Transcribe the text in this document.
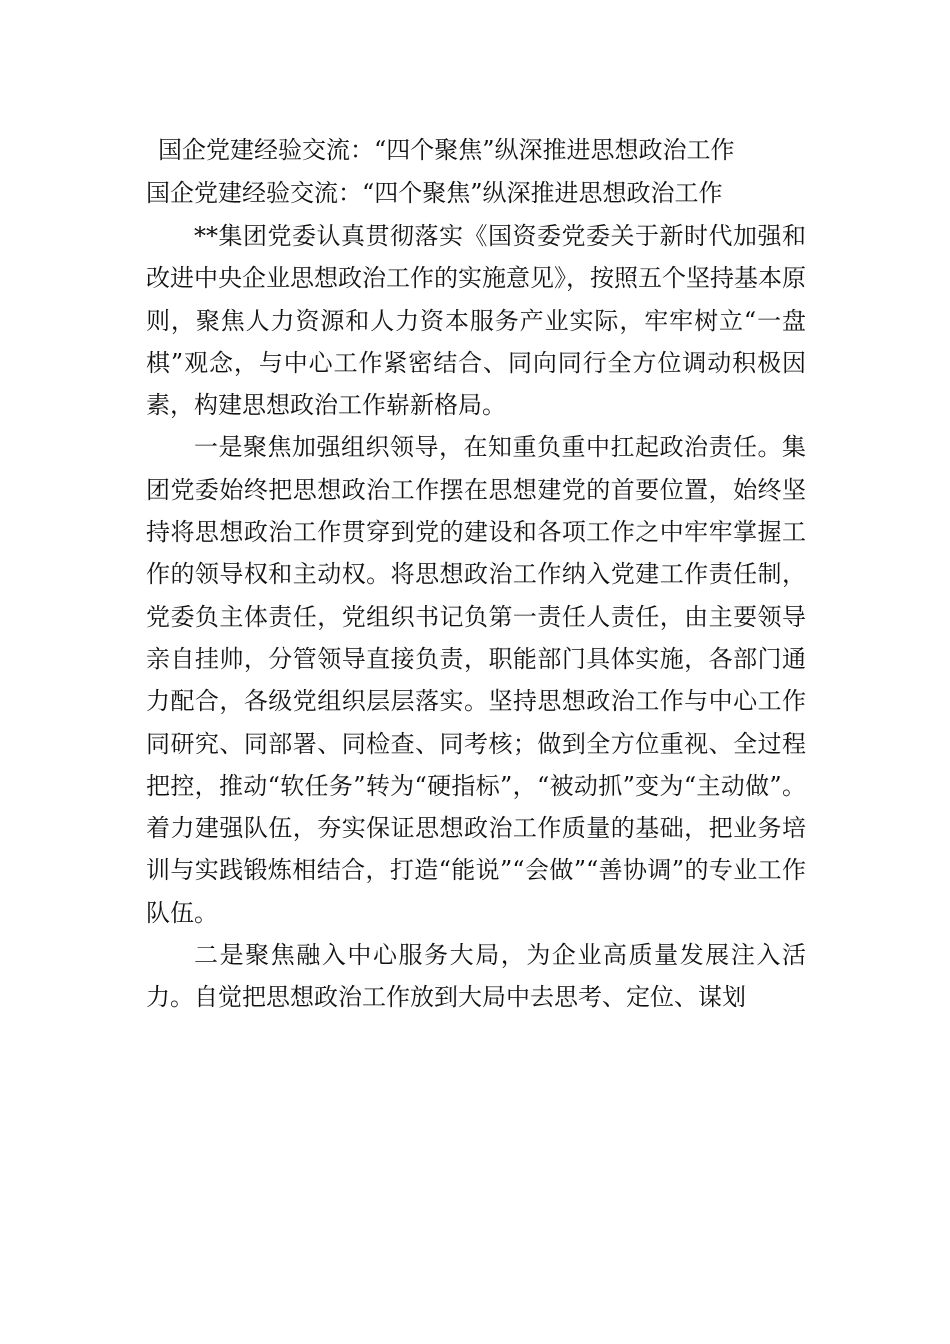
国企党建经验交流：“四个聚焦”纵深推进思想政治工作
国企党建经验交流：“四个聚焦”纵深推进思想政治工作

**集团党委认真贯彻落实《国资委党委关于新时代加强和改进中央企业思想政治工作的实施意见》，按照五个坚持基本原则，聚焦人力资源和人力资本服务产业实际，牢牢树立“一盘棋”观念，与中心工作紧密结合、同向同行全方位调动积极因素，构建思想政治工作崭新格局。

一是聚焦加强组织领导，在知重负重中扛起政治责任。集团党委始终把思想政治工作摆在思想建党的首要位置，始终坚持将思想政治工作贯穿到党的建设和各项工作之中牢牢掌握工作的领导权和主动权。将思想政治工作纳入党建工作责任制，党委负主体责任，党组织书记负第一责任人责任，由主要领导亲自挂帅，分管领导直接负责，职能部门具体实施，各部门通力配合，各级党组织层层落实。坚持思想政治工作与中心工作同研究、同部署、同检查、同考核；做到全方位重视、全过程把控，推动“软任务”转为“硬指标”，“被动抓”变为“主动做”。着力建强队伍，夯实保证思想政治工作质量的基础，把业务培训与实践锻炼相结合，打造“能说”“会做”“善协调”的专业工作队伍。

二是聚焦融入中心服务大局，为企业高质量发展注入活力。自觉把思想政治工作放到大局中去思考、定位、谋划
